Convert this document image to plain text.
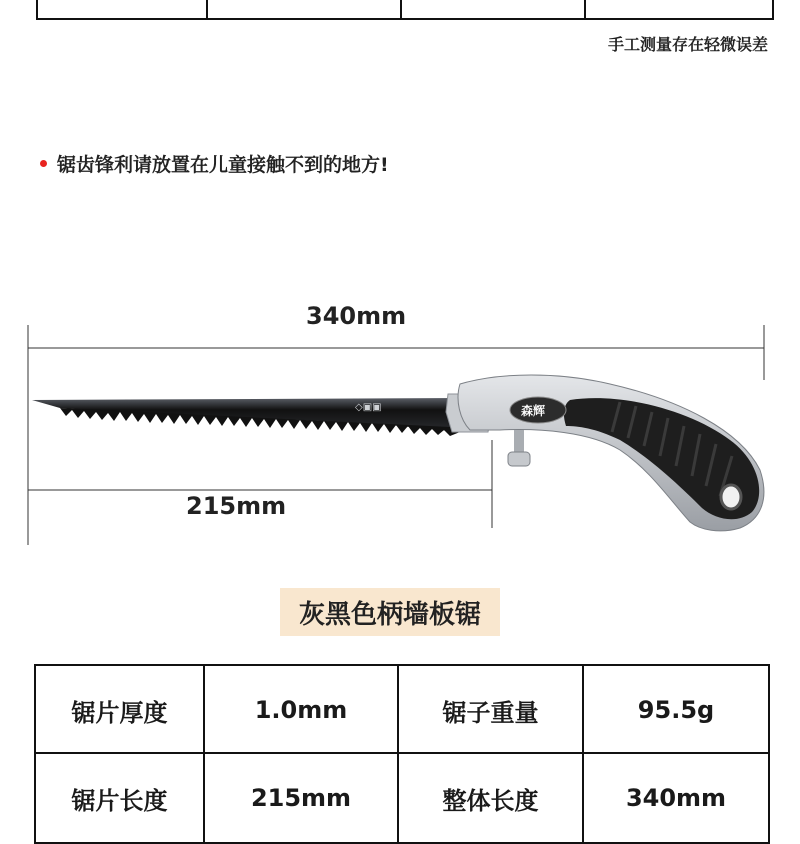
手工测量存在轻微误差
锯齿锋利请放置在儿童接触不到的地方!
340mm
215mm
◇▣▣	森辉
灰黑色柄墙板锯
锯片厚度	1.0mm	锯子重量	95.5g
锯片长度	215mm	整体长度	340mm
